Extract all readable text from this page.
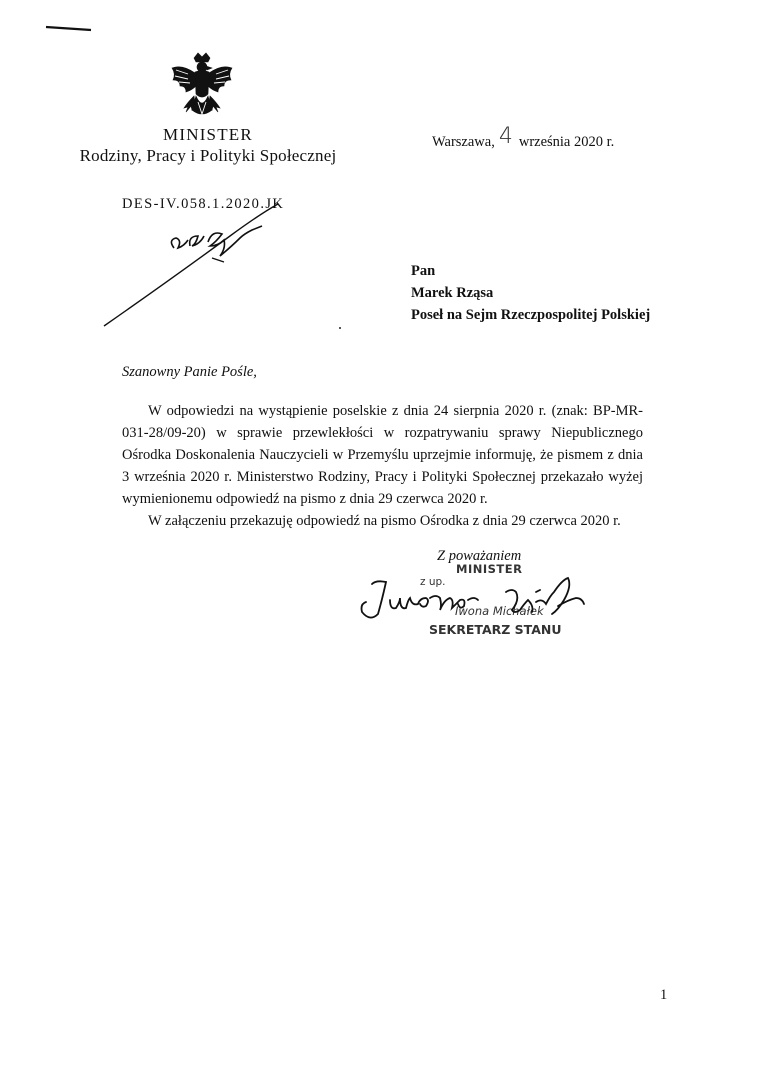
MINISTER
Rodziny, Pracy i Polityki Społecznej
DES-IV.058.1.2020.JK
Warszawa, 4 września 2020 r.
Pan
Marek Rząsa
Poseł na Sejm Rzeczpospolitej Polskiej
Szanowny Panie Pośle,

W odpowiedzi na wystąpienie poselskie z dnia 24 sierpnia 2020 r. (znak: BP-MR-031-28/09-20) w sprawie przewlekłości w rozpatrywaniu sprawy Niepublicznego Ośrodka Doskonalenia Nauczycieli w Przemyślu uprzejmie informuję, że pismem z dnia 3 września 2020 r. Ministerstwo Rodziny, Pracy i Polityki Społecznej przekazało wyżej wymienionemu odpowiedź na pismo z dnia 29 czerwca 2020 r.

W załączeniu przekazuję odpowiedź na pismo Ośrodka z dnia 29 czerwca 2020 r.

Z poważaniem
MINISTER
z up.
Iwona Michałek
SEKRETARZ STANU
1
